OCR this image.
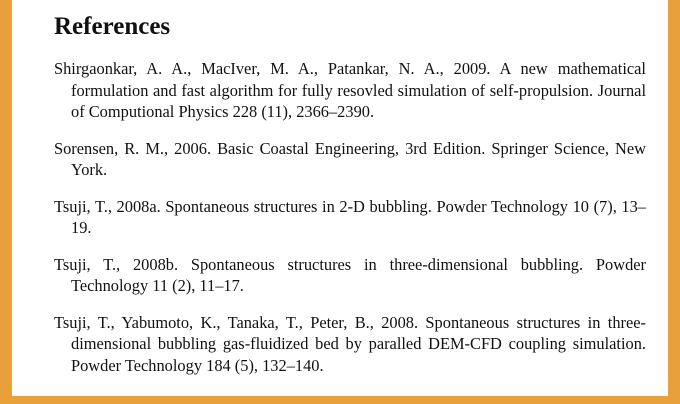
References
Shirgaonkar, A. A., MacIver, M. A., Patankar, N. A., 2009. A new mathematical formulation and fast algorithm for fully resovled simulation of self-propulsion. Journal of Computional Physics 228 (11), 2366–2390.
Sorensen, R. M., 2006. Basic Coastal Engineering, 3rd Edition. Springer Science, New York.
Tsuji, T., 2008a. Spontaneous structures in 2-D bubbling. Powder Technology 10 (7), 13–19.
Tsuji, T., 2008b. Spontaneous structures in three-dimensional bubbling. Powder Technology 11 (2), 11–17.
Tsuji, T., Yabumoto, K., Tanaka, T., Peter, B., 2008. Spontaneous structures in three-dimensional bubbling gas-fluidized bed by paralled DEM-CFD coupling simulation. Powder Technology 184 (5), 132–140.
